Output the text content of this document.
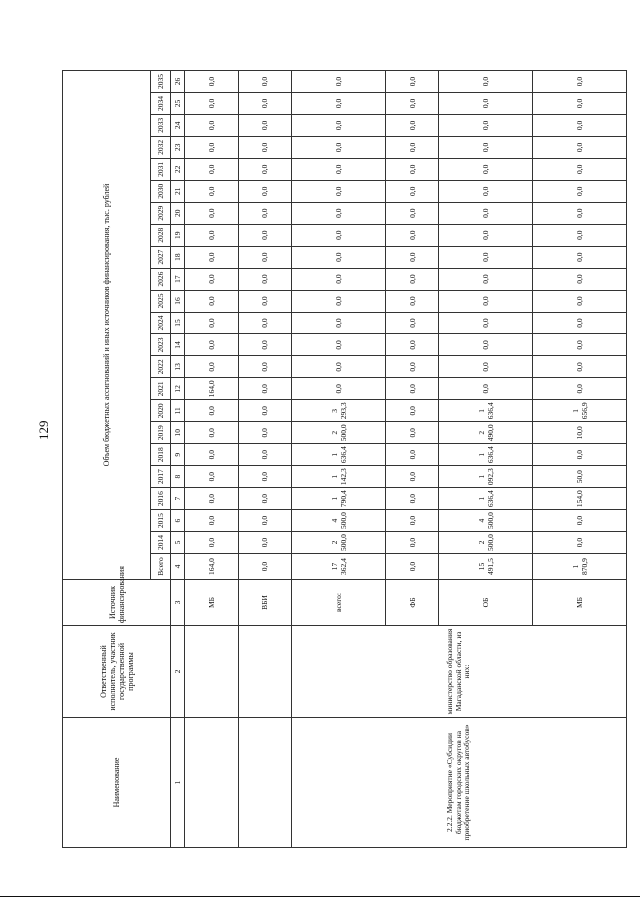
129
Наименование	Ответственный исполнитель, участник государственной программы	Источник финансирования	Объем бюджетных ассигнований и иных источников финансирования, тыс. рублей																						
			Всего	2014	2015	2016	2017	2018	2019	2020	2021	2022	2023	2024	2025	2026	2027	2028	2029	2030	2031	2032	2033	2034	2035
1	2	3	4	5	6	7	8	9	10	11	12	13	14	15	16	17	18	19	20	21	22	23	24	25	26
		МБ	164,0	0,0	0,0	0,0	0,0	0,0	0,0	0,0	164,0	0,0	0,0	0,0	0,0	0,0	0,0	0,0	0,0	0,0	0,0	0,0	0,0	0,0	0,0
		ВБИ	0,0	0,0	0,0	0,0	0,0	0,0	0,0	0,0	0,0	0,0	0,0	0,0	0,0	0,0	0,0	0,0	0,0	0,0	0,0	0,0	0,0	0,0	0,0
2.2.2. Мероприятие «Субсидии бюджетам городских округов на приобретение школьных автобусов»	министерство образования Магаданской области, из них:	всего:	17 362,4	2 500,0	4 500,0	1 790,4	1 142,3	1 636,4	2 500,0	3 293,3	0,0	0,0	0,0	0,0	0,0	0,0	0,0	0,0	0,0	0,0	0,0	0,0	0,0	0,0	0,0
		ФБ	0,0	0,0	0,0	0,0	0,0	0,0	0,0	0,0	0,0	0,0	0,0	0,0	0,0	0,0	0,0	0,0	0,0	0,0	0,0	0,0	0,0	0,0	0,0
		ОБ	15 491,5	2 500,0	4 500,0	1 636,4	1 092,3	1 636,4	2 490,0	1 636,4	0,0	0,0	0,0	0,0	0,0	0,0	0,0	0,0	0,0	0,0	0,0	0,0	0,0	0,0	0,0
		МБ	1 870,9	0,0	0,0	154,0	50,0	0,0	10,0	1 656,9	0,0	0,0	0,0	0,0	0,0	0,0	0,0	0,0	0,0	0,0	0,0	0,0	0,0	0,0	0,0
